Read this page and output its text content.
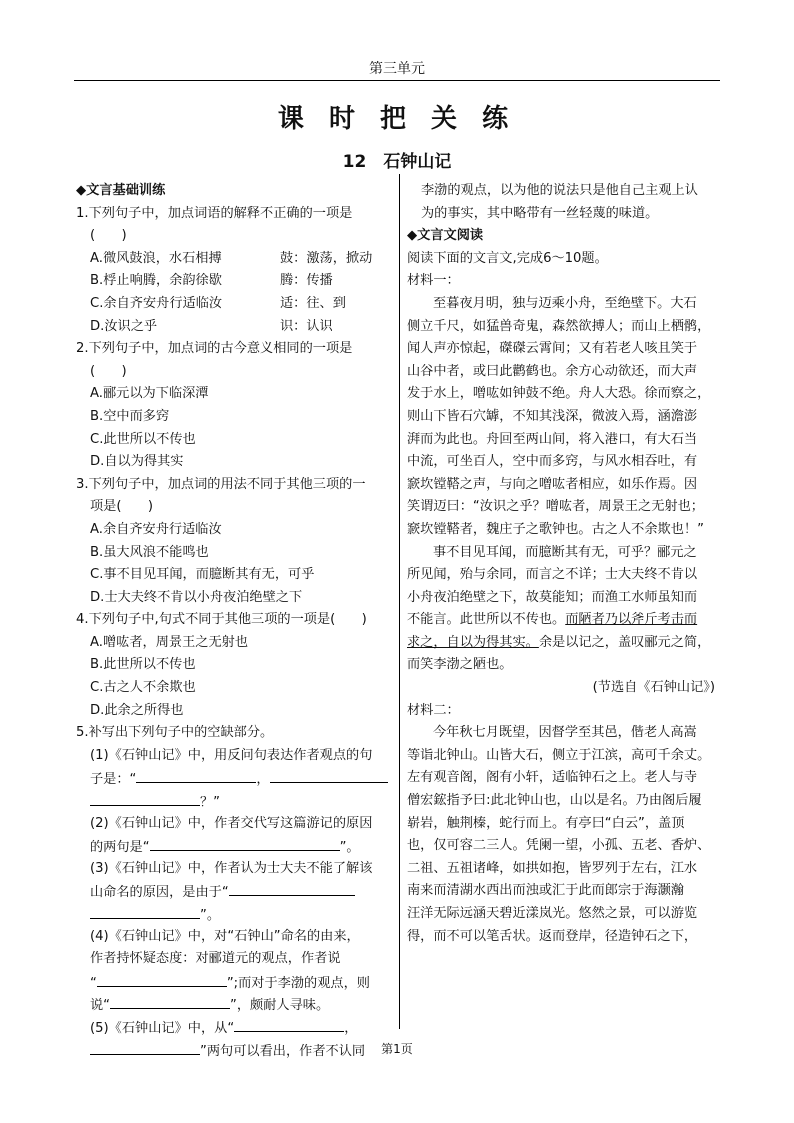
第三单元
课 时 把 关 练
12　石钟山记
◆文言基础训练
1.下列句子中，加点词语的解释不正确的一项是
(　　)
A.微风鼓浪，水石相搏	鼓：激荡，掀动
B.桴止响腾，余韵徐歇	腾：传播
C.余自齐安舟行适临汝	适：往、到
D.汝识之乎	识：认识
2.下列句子中，加点词的古今意义相同的一项是
(　　)
A.郦元以为下临深潭
B.空中而多窍
C.此世所以不传也
D.自以为得其实
3.下列句子中，加点词的用法不同于其他三项的一
项是(　　)
A.余自齐安舟行适临汝
B.虽大风浪不能鸣也
C.事不目见耳闻，而臆断其有无，可乎
D.士大夫终不肯以小舟夜泊绝壁之下
4.下列句子中,句式不同于其他三项的一项是(　　)
A.噌吰者，周景王之无射也
B.此世所以不传也
C.古之人不余欺也
D.此余之所得也
5.补写出下列句子中的空缺部分。
(1)《石钟山记》中，用反问句表达作者观点的句
子是：“	，
？”
(2)《石钟山记》中，作者交代写这篇游记的原因
的两句是“	”。
(3)《石钟山记》中，作者认为士大夫不能了解该
山命名的原因，是由于“
”。
(4)《石钟山记》中，对“石钟山”命名的由来，
作者持怀疑态度：对郦道元的观点，作者说
“	”;而对于李渤的观点，则
说“	”，颇耐人寻味。
(5)《石钟山记》中，从“	，
”两句可以看出，作者不认同
李渤的观点，以为他的说法只是他自己主观上认
为的事实，其中略带有一丝轻蔑的味道。
◆文言文阅读
阅读下面的文言文,完成6～10题。
材料一：
至暮夜月明，独与迈乘小舟，至绝壁下。大石
侧立千尺，如猛兽奇鬼，森然欲搏人；而山上栖鹘，
闻人声亦惊起，磔磔云霄间；又有若老人咳且笑于
山谷中者，或曰此鹳鹤也。余方心动欲还，而大声
发于水上，噌吰如钟鼓不绝。舟人大恐。徐而察之，
则山下皆石穴罅，不知其浅深，微波入焉，涵澹澎
湃而为此也。舟回至两山间，将入港口，有大石当
中流，可坐百人，空中而多窍，与风水相吞吐，有
窾坎镗鞳之声，与向之噌吰者相应，如乐作焉。因
笑谓迈曰：“汝识之乎？噌吰者，周景王之无射也；
窾坎镗鞳者，魏庄子之歌钟也。古之人不余欺也！”
事不目见耳闻，而臆断其有无，可乎？郦元之
所见闻，殆与余同，而言之不详；士大夫终不肯以
小舟夜泊绝壁之下，故莫能知；而渔工水师虽知而
不能言。此世所以不传也。而陋者乃以斧斤考击而
求之，自以为得其实。余是以记之，盖叹郦元之简，
而笑李渤之陋也。
(节选自《石钟山记》)
材料二：
今年秋七月既望，因督学至其邑，偕老人高嵩
等诣北钟山。山皆大石，侧立于江滨，高可千余丈。
左有观音阁，阁有小轩，适临钟石之上。老人与寺
僧宏鋐指予曰:此北钟山也，山以是名。乃由阁后履
崭岩，触荆榛，蛇行而上。有亭曰“白云”，盖顶
也，仅可容二三人。凭阑一望，小孤、五老、香炉、
二祖、五祖诸峰，如拱如抱，皆罗列于左右，江水
南来而清湖水西出而浊或汇于此而郎宗于海灏瀚
汪洋无际远涵天碧近漾岚光。悠然之景，可以游览
得，而不可以笔舌状。返而登岸，径造钟石之下，
第1页
